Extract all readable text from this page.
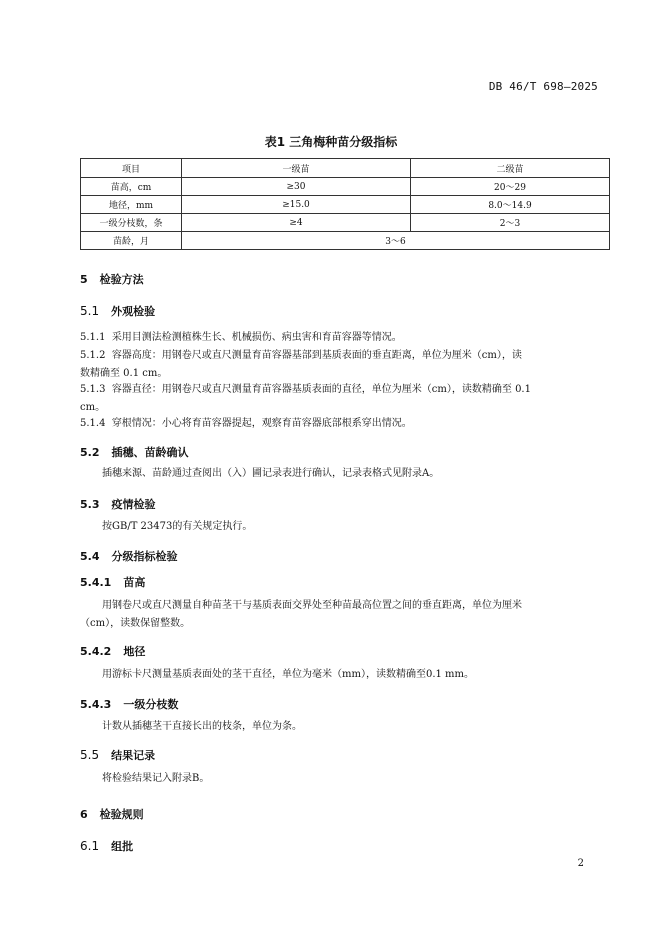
DB 46/T 698—2025
表1 三角梅种苗分级指标
项目	一级苗	二级苗
苗高，cm	≥30	20～29
地径，mm	≥15.0	8.0～14.9
一级分枝数，条	≥4	2～3
苗龄，月	3～6	
5 检验方法
5.1 外观检验
5.1.1 采用目测法检测植株生长、机械损伤、病虫害和育苗容器等情况。
5.1.2 容器高度：用钢卷尺或直尺测量育苗容器基部到基质表面的垂直距离，单位为厘米（cm），读
数精确至 0.1 cm。
5.1.3 容器直径：用钢卷尺或直尺测量育苗容器基质表面的直径，单位为厘米（cm），读数精确至 0.1
cm。
5.1.4 穿根情况：小心将育苗容器提起，观察育苗容器底部根系穿出情况。
5.2 插穗、苗龄确认
插穗来源、苗龄通过查阅出（入）圃记录表进行确认，记录表格式见附录A。
5.3 疫情检验
按GB/T 23473的有关规定执行。
5.4 分级指标检验
5.4.1 苗高
用钢卷尺或直尺测量自种苗茎干与基质表面交界处至种苗最高位置之间的垂直距离，单位为厘米
（cm），读数保留整数。
5.4.2 地径
用游标卡尺测量基质表面处的茎干直径，单位为毫米（mm），读数精确至0.1 mm。
5.4.3 一级分枝数
计数从插穗茎干直接长出的枝条，单位为条。
5.5 结果记录
将检验结果记入附录B。
6 检验规则
6.1 组批
2
